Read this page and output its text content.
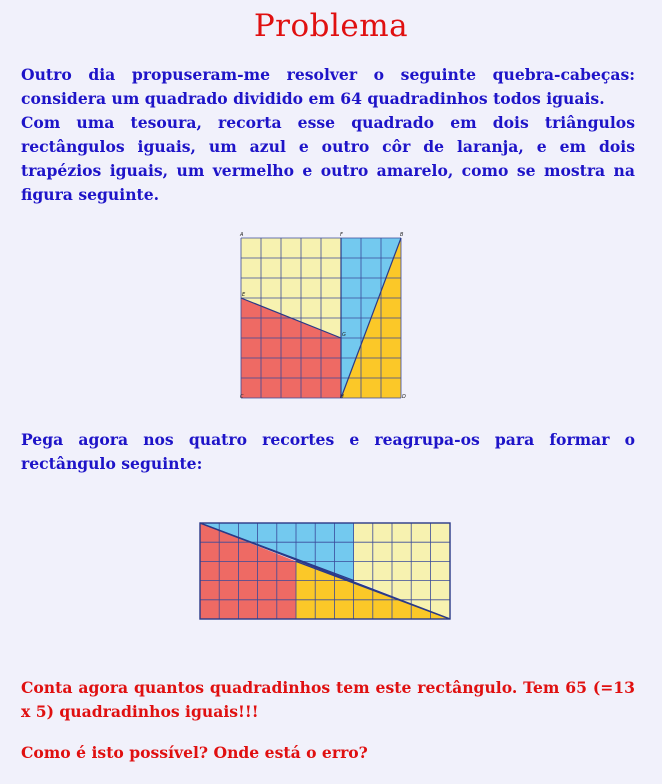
Problema

Outro dia propuseram-me resolver o seguinte quebra-cabeças: considera um quadrado dividido em 64 quadradinhos todos iguais.

Com uma tesoura, recorta esse quadrado em dois triângulos rectângulos iguais, um azul e outro côr de laranja, e em dois trapézios iguais, um vermelho e outro amarelo, como se mostra na figura seguinte.

A	F	B
E
G
C	H	D

Pega agora nos quatro recortes e reagrupa-os para formar o rectângulo seguinte:

Conta agora quantos quadradinhos tem este rectângulo. Tem 65 (=13 x 5) quadradinhos iguais!!!

Como é isto possível? Onde está o erro?
